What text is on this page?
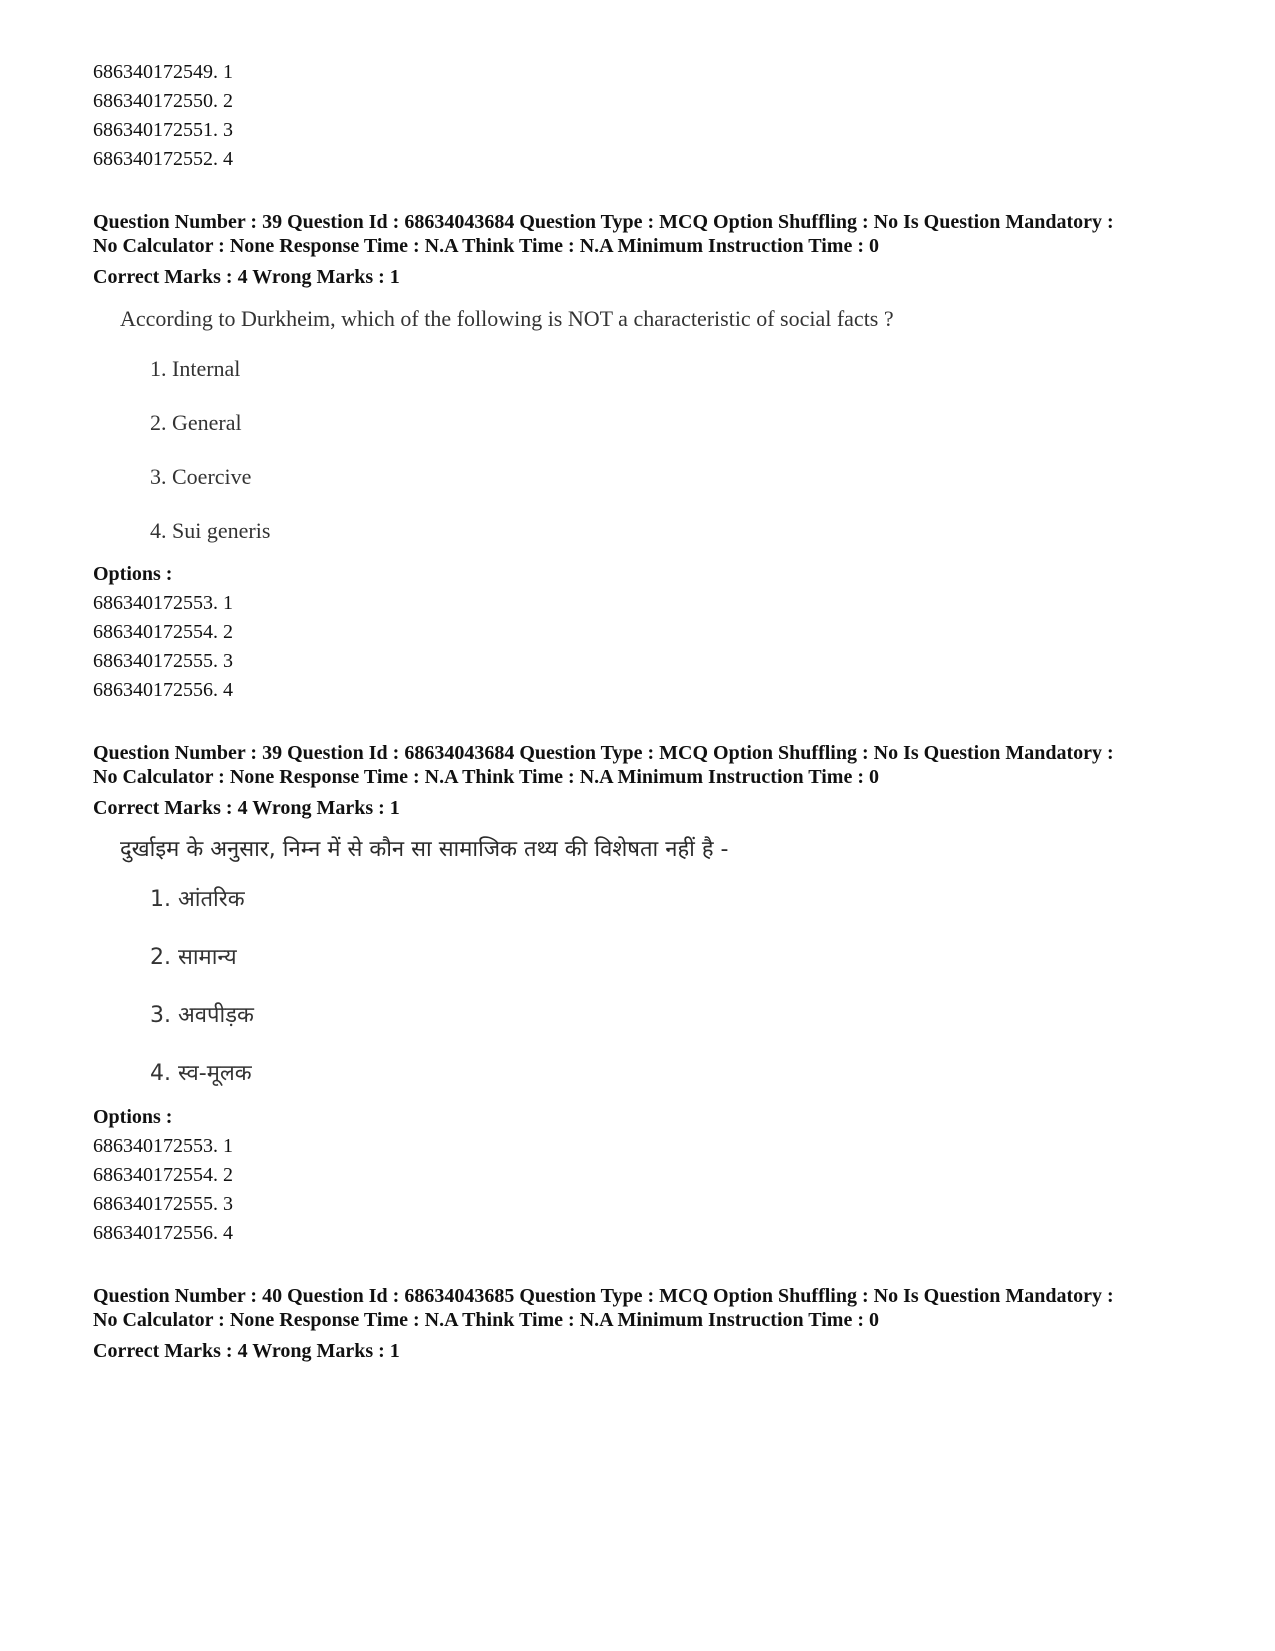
686340172549. 1
686340172550. 2
686340172551. 3
686340172552. 4
Question Number : 39 Question Id : 68634043684 Question Type : MCQ Option Shuffling : No Is Question Mandatory :
No Calculator : None Response Time : N.A Think Time : N.A Minimum Instruction Time : 0
Correct Marks : 4 Wrong Marks : 1
According to Durkheim, which of the following is NOT a characteristic of social facts ?
1. Internal
2. General
3. Coercive
4. Sui generis
Options :
686340172553. 1
686340172554. 2
686340172555. 3
686340172556. 4
Question Number : 39 Question Id : 68634043684 Question Type : MCQ Option Shuffling : No Is Question Mandatory :
No Calculator : None Response Time : N.A Think Time : N.A Minimum Instruction Time : 0
Correct Marks : 4 Wrong Marks : 1
दुर्खाइम के अनुसार, निम्न में से कौन सा सामाजिक तथ्य की विशेषता नहीं है -
1. आंतरिक
2. सामान्य
3. अवपीड़क
4. स्व-मूलक
Options :
686340172553. 1
686340172554. 2
686340172555. 3
686340172556. 4
Question Number : 40 Question Id : 68634043685 Question Type : MCQ Option Shuffling : No Is Question Mandatory :
No Calculator : None Response Time : N.A Think Time : N.A Minimum Instruction Time : 0
Correct Marks : 4 Wrong Marks : 1
